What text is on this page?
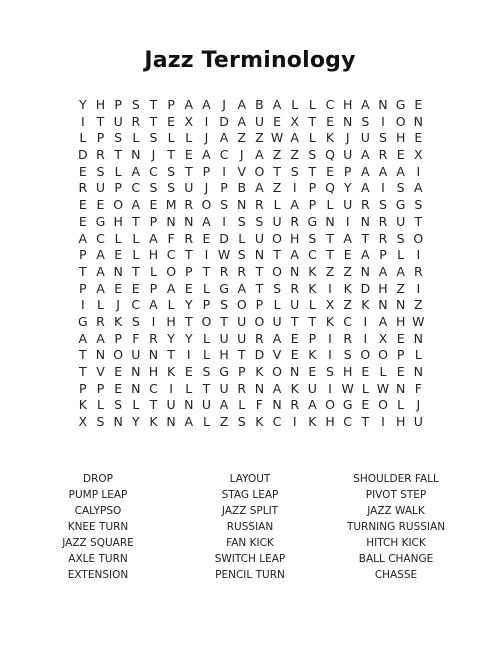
Jazz Terminology
Y H P S T P A A J A B A L L C H A N G E
I T U R T E X I D A U E X T E N S I O N
L P S L S L L J A Z Z W A L K J U S H E
D R T N J T E A C J A Z Z S Q U A R E X
E S L A C S T P I V O T S T E P A A A I
R U P C S S U J P B A Z I P Q Y A I S A
E E O A E M R O S N R L A P L U R S G S
E G H T P N N A I S S U R G N I N R U T
A C L L A F R E D L U O H S T A T R S O
P A E L H C T I W S N T A C T E A P L I
T A N T L O P T R R T O N K Z Z N A A R
P A E E P A E L G A T S R K I K D H Z I
I L J C A L Y P S O P L U L X Z K N N Z
G R K S I H T O T U O U T T K C I A H W
A A P F R Y Y L U U R A E P I R I X E N
T N O U N T I L H T D V E K I S O O P L
T V E N H K E S G P K O N E S H E L E N
P P E N C I L T U R N A K U I W L W N F
K L S L T U N U A L F N R A O G E O L J
X S N Y K N A L Z S K C I K H C T I H U
DROP
PUMP LEAP
CALYPSO
KNEE TURN
JAZZ SQUARE
AXLE TURN
EXTENSION
LAYOUT
STAG LEAP
JAZZ SPLIT
RUSSIAN
FAN KICK
SWITCH LEAP
PENCIL TURN
SHOULDER FALL
PIVOT STEP
JAZZ WALK
TURNING RUSSIAN
HITCH KICK
BALL CHANGE
CHASSE
